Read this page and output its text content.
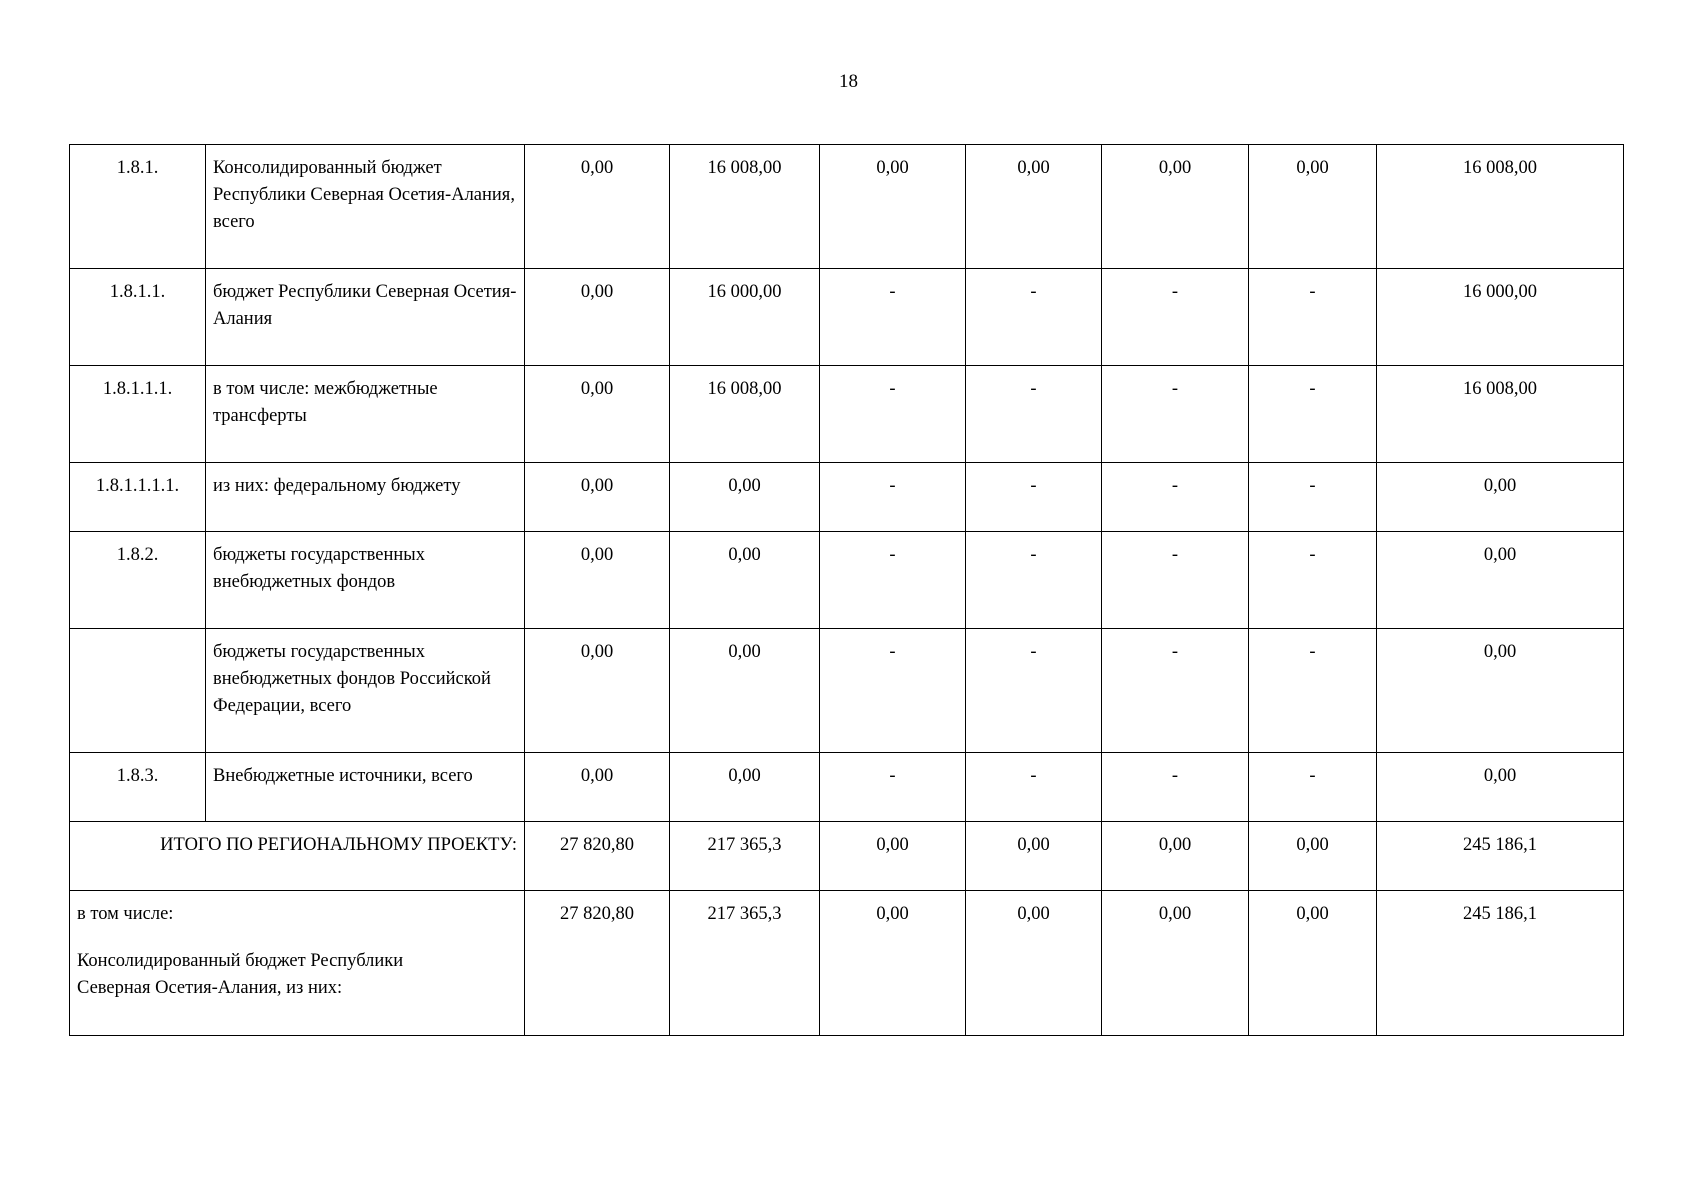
18
1.8.1.	Консолидированный бюджет Республики Северная Осетия-Алания, всего	0,00	16 008,00	0,00	0,00	0,00	0,00	16 008,00
1.8.1.1.	бюджет Республики Северная Осетия-Алания	0,00	16 000,00	-	-	-	-	16 000,00
1.8.1.1.1.	в том числе: межбюджетные трансферты	0,00	16 008,00	-	-	-	-	16 008,00
1.8.1.1.1.1.	из них: федеральному бюджету	0,00	0,00	-	-	-	-	0,00
1.8.2.	бюджеты государственных внебюджетных фондов	0,00	0,00	-	-	-	-	0,00
	бюджеты государственных внебюджетных фондов Российской Федерации, всего	0,00	0,00	-	-	-	-	0,00
1.8.3.	Внебюджетные источники, всего	0,00	0,00	-	-	-	-	0,00
ИТОГО ПО РЕГИОНАЛЬНОМУ ПРОЕКТУ:		27 820,80	217 365,3	0,00	0,00	0,00	0,00	245 186,1

в том числе:
Консолидированный бюджет Республики Северная Осетия-Алания, из них:		27 820,80	217 365,3	0,00	0,00	0,00	0,00	245 186,1
